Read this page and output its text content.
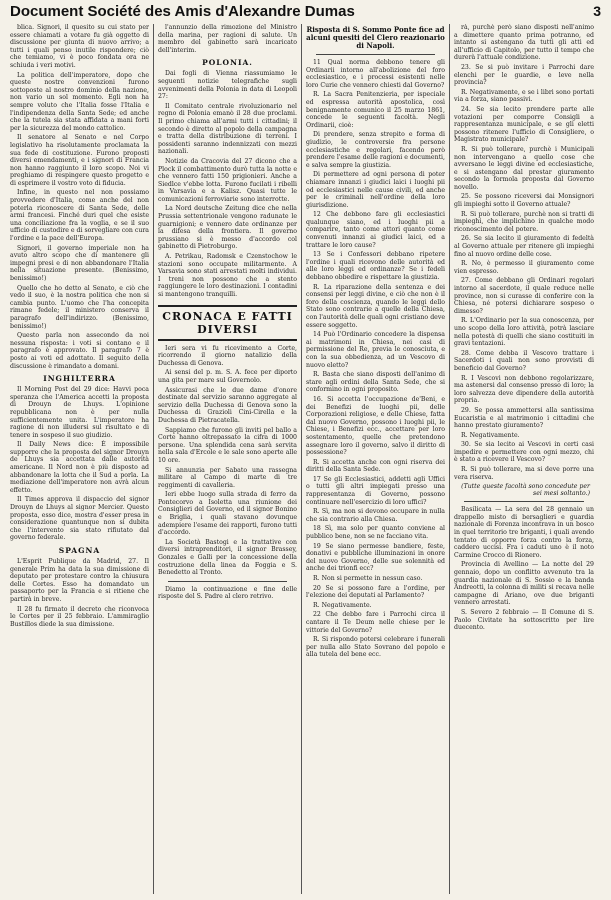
Document Société des Amis d'Alexandre Dumas	3

blica. Signori, il quesito su cui stato per essere chiamati a votare fu già oggetto di discussione per giunta di nuovo arrivo; a tutti i quali penso inutile rispondere; ciò che temiamo, vi è poco fondata ora ne schiuda i veri motivi.

La politica dell'imperatore, dopo che queste nostre convenzioni furono sottoposte al nostro dominio della nazione, non vario un sol momento. Egli non ha sempre voluto che l'Italia fosse l'Italia e l'indipendenza della Santa Sede; ed anche che la tutela sia stata affidata a mani forti per la sicurezza del mondo cattolico.

Il senatore al Senato e nel Corpo legislativo ha risolutamente proclamata la sua fede di costituzione. Furono proposti diversi emendamenti, e i signori di Francia non hanno raggiunto il loro scopo. Noi vi preghiamo di respingere questo progetto e di esprimere il vostro voto di fiducia.

Infine, in questo nel non possiamo provvedere d'Italia, come anche del non poterla riconoscere di Santa Sede, delle armi francesi. Finché duri quel che esiste una conciliazione fra la voglia, e se il suo ufficio di custodire e di sorvegliare con cura l'ordine e la pace dell'Europa.

Signori, il governo imperiale non ha avuto altro scopo che di mantenere gli impegni presi e di non abbandonare l'Italia nella situazione presente. (Benissimo, benissimo!)

Quello che ho detto al Senato, e ciò che vedo il suo, è la nostra politica che non si cambia punto. L'uomo che l'ha concepita rimane fedele; il ministero conserva il paragrafo dell'indirizzo. (Benissimo, benissimo!)

Questo parla non assecondo da noi nessuna risposta: i voti si contano e il paragrafo è approvato. Il paragrafo 7 è posto ai voti ed adottato. Il seguito della discussione è rimandato a domani.

INGHILTERRA

Il Morning Post del 29 dice: Havvi poca speranza che l'America accetti la proposta di Drouyn de Lhuys. L'opinione repubblicana non è per nulla sufficientemente unita. L'imperatore ha ragione di non illudersi sul risultato e di tenere in sospeso il suo giudizio.

Il Daily News dice: È impossibile supporre che la proposta del signor Drouyn de Lhuys sia accettata dalle autorità americane. Il Nord non è più disposto ad abbandonare la lotta che il Sud a porla. La mediazione dell'imperatore non avrà alcun effetto.

Il Times approva il dispaccio del signor Drouyn de Lhuys al signor Mercier. Questo proposta, esso dice, mostra d'esser presa in considerazione quantunque non si dubita che l'intervento sia stato rifiutato dal governo federale.

SPAGNA

L'Esprit Publique da Madrid, 27. Il generale Prim ha data la sua dimissione di deputato per protestare contro la chiusura delle Cortes. Esso ha domandato un passaporto per la Francia e si ritiene che partirà in breve.

Il 28 fu firmato il decreto che riconvoca le Cortes per il 25 febbraio. L'ammiraglio Bustillos diede la sua dimissione.

l'annunzio della rimozione del Ministro della marina, per ragioni di salute. Un membro del gabinetto sarà incaricato dell'interim.

POLONIA.

Dai fogli di Vienna riassumiamo le seguenti notizie telegrafiche sugli avvenimenti della Polonia in data di Leopoli 27:

Il Comitato centrale rivoluzionario nel regno di Polonia emanò il 28 due proclami. Il primo chiama all'armi tutti i cittadini; il secondo è diretto al popolo della campagna e tratta della distribuzione di terreni. I possidenti saranno indennizzati con mezzi nazionali.

Notizie da Cracovia del 27 dicono che a Plock il combattimento durò tutta la notte e che vennero fatti 150 prigionieri. Anche a Siedlce v'ebbe lotta. Furono fucilati i ribelli in Varsavia e a Kalisz. Quasi tutte le comunicazioni ferroviarie sono interrotte.

La Nord deutsche Zeitung dice che nella Prussia settentrionale vengono radunate le guarnigioni; e vennero date ordinanze per la difesa della frontiera. Il governo prussiano si è messo d'accordo col gabinetto di Pietroburgo.

A. Petrikau, Radomsk e Czenstochow le stazioni sono occupate militarmente. A Varsavia sono stati arrestati molti individui. I treni non possono che a stento raggiungere le loro destinazioni. I contadini si mantengono tranquilli.

CRONACA E FATTI DIVERSI

Ieri sera vi fu ricevimento a Corte, ricorrendo il giorno natalizio della Duchessa di Genova.

Ai sensi del p. m. S. A. fece per diporto una gita per mare sul Governolo.

Assicurasi che le due dame d'onore destinate dal servizio saranno aggregate al servizio della Duchessa di Genova sono la Duchessa di Grazioli Cini-Cirella e la Duchessa di Pietracatella.

Sappiamo che furono gli inviti pel ballo a Corte hanno oltrepassato la cifra di 1000 persone. Una splendida cena sarà servita nella sala d'Ercole e le sale sono aperte alle 10 ore.

Si annunzia per Sabato una rassegna militare al Campo di marte di tre reggimenti di cavalleria.

Ieri ebbe luogo sulla strada di ferro da Pontecorvo a Isoletta una riunione dei Consiglieri del Governo, ed il signor Bonino e Briglia, i quali stavano dovunque adempiere l'esame dei rapporti, furono tutti d'accordo.

La Società Bastogi e la trattative con diversi intraprenditori, il signor Brassey, Gonzales e Galli per la concessione della costruzione della linea da Foggia e S. Benedetto al Tronto.

Diamo la continuazione e fine delle risposte del S. Padre al clero retrivo.

Risposta di S. Sommo Ponte fice ad alcuni quesiti del Clero reazionario di Napoli.

11 Qual norma debbono tenere gli Ordinarii intorno all'abolizione del foro ecclesiastico, e i processi esistenti nelle loro Curie che vennero chiesti dal Governo?

R. La Sacra Penitenzieria, per ispeciale ed espressa autorità apostolica, così benignamente comunico il 25 marzo 1861, concede le seguenti facoltà. Negli Ordinarii, cioè:

Di prendere, senza strepito e forma di giudizio, le controversie fra persone ecclesiastiche e regolari, facendo però prendere l'esame delle ragioni e documenti, e salva sempre la giustizia.

Di permettere ad ogni persona di poter chiamare innanzi i giudici laici i luoghi pii od ecclesiastici nelle cause civili, ed anche per le criminali nell'ordine della loro giurisdizione.

12 Che debbono fare gli ecclesiastici qualunque siano, ed i luoghi pii a comparire, tanto come attori quanto come convenuti innanzi ai giudici laici, ed a trattare le loro cause?

13 Se i Confessori debbano ripetere l'ordine i quali ricevono delle autorità ed alle loro leggi ed ordinanze? Se i fedeli debbano obbedire e rispettare la giustizia.

R. La riparazione della sentenza e dei consensi per leggi divine, e ciò che non è il foro della coscienza, quando le leggi dello Stato sono contrarie a quelle della Chiesa, con l'autorità delle quali ogni cristiano deve essere soggetto.

14 Può l'Ordinario concedere la dispensa ai matrimoni in Chiesa, nei casi di permissione del Re, previa le conosciuta, e con la sua obbedienza, ad un Vescovo di nuovo eletto?

R. Basta che siano disposti dell'animo di stare agli ordini della Santa Sede, che si conformino in ogni proposito.

16. Si accetta l'occupazione de'Beni, e dei Benefizi de luoghi pii, delle Corporazioni religiose, e delle Chiese, fatta dal nuovo Governo, possono i luoghi pii, le Chiese, i Benefizi ecc., accettare per loro sostentamento, quelle che pretendono assegnare loro il governo, salvo il diritto di possessione?

R. Si accetta anche con ogni riserva dei diritti della Santa Sede.

17 Se gli Ecclesiastici, addetti agli Uffici o tutti gli altri impiegati presso una rappresentanza di Governo, possono continuare nell'esercizio di loro uffici?

R. Sì, ma non si devono occupare in nulla che sia contrario alla Chiesa.

18 Sì, ma solo per quanto conviene al pubblico bene, non se ne facciano vita.

19 Se siano permesse bandiere, feste, donativi e pubbliche illuminazioni in onore del nuovo Governo, delle sue solennità ed anche dei trionfi ecc?

R. Non si permette in nessun caso.

20 Se si possono fare a l'ordine, per l'elezione dei deputati al Parlamento?

R. Negativamente.

22 Che debbo fare i Parrochi circa il cantare il Te Deum nelle chiese per le vittorie del Governo?

R. Si rispondo potersi celebrare i funerali per nulla allo Stato Sovrano del popolo e alla tutela del bene ecc.

rà, purchè però siano disposti nell'animo a dimettere quanto prima potranno, ed intanto si astengano da tutti gli atti ed all'ufficio di Capitolo, per tutto il tempo che durerà l'attuale condizione.

23. Se si può invitare i Parrochi dare elenchi per le guardie, e leve nella provincia?

R. Negativamente, e se i libri sono portati via a forza, siano passivi.

24. Se sia lecito prendere parte alle votazioni per comporre Consigli a rappresentanza municipale, e se gli eletti possono ritenere l'ufficio di Consigliere, o Magistrato municipale?

R. Si può tollerare, purchè i Municipali non intervengano a quello cose che avversano le leggi divine ed ecclesiastiche, e si astengano dal prestar giuramento secondo la formola proposta dal Governo novello.

25. Se possono riceversi dai Monsignori gli impieghi sotto il Governo attuale?

R. Si può tollerare, purchè non si tratti di impieghi, che implichino in qualche modo riconoscimento del potere.

26. Se sia lecito il giuramento di fedeltà al Governo attuale per ritenere gli impieghi fino al nuovo ordine delle cose.

R. No, è permesso il giuramento come vien espresso.

27. Come debbano gli Ordinari regolari intorno al sacerdote, il quale reduce nelle province, non si curasse di conferire con la Chiesa, né potersi dichiarare sospeso o dimesso?

R. L'Ordinario per la sua conoscenza, per uno scopo della loro attività, potrà lasciare nella potestà di quelli che siano costituiti in gravi tentazioni.

28. Come debba il Vescovo trattare i Sacerdoti i quali non sono provvisti di beneficio dal Governo?

R. I Vescovi non debbono regolarizzare, ma astenersi dal consenso presso di loro; la loro salvezza deve dipendere della autorità propria.

29. Se possa ammettersi alla santissima Eucaristia e al matrimonio i cittadini che hanno prestato giuramento?

R. Negativamente.

30. Se sia lecito ai Vescovi in certi casi impedire e permettere con ogni mezzo, chi è stato a ricevere il Vescovo?

R. Si può tollerare, ma si deve porre una vera riserva.

(Tutte queste facoltà sono concedute per sei mesi soltanto.)

Basilicata — La sera del 28 gennaio un drappello misto di bersaglieri e guardia nazionale di Forenza incontrava in un bosco in quel territorio tre briganti, i quali avendo tentato di opporre forza contro la forza, caddero uccisi. Fra i caduti uno è il noto Carmine Crocco di Rionero.

Provincia di Avellino — La notte del 29 gennaio, dopo un conflitto avvenuto tra la guardia nazionale di S. Sossio e la banda Andreotti, la colonna di militi si recava nelle campagne di Ariano, ove due briganti vennero arrestati.

S. Severo 2 febbraio — Il Comune di S. Paolo Civitate ha sottoscritto per lire duecento.
